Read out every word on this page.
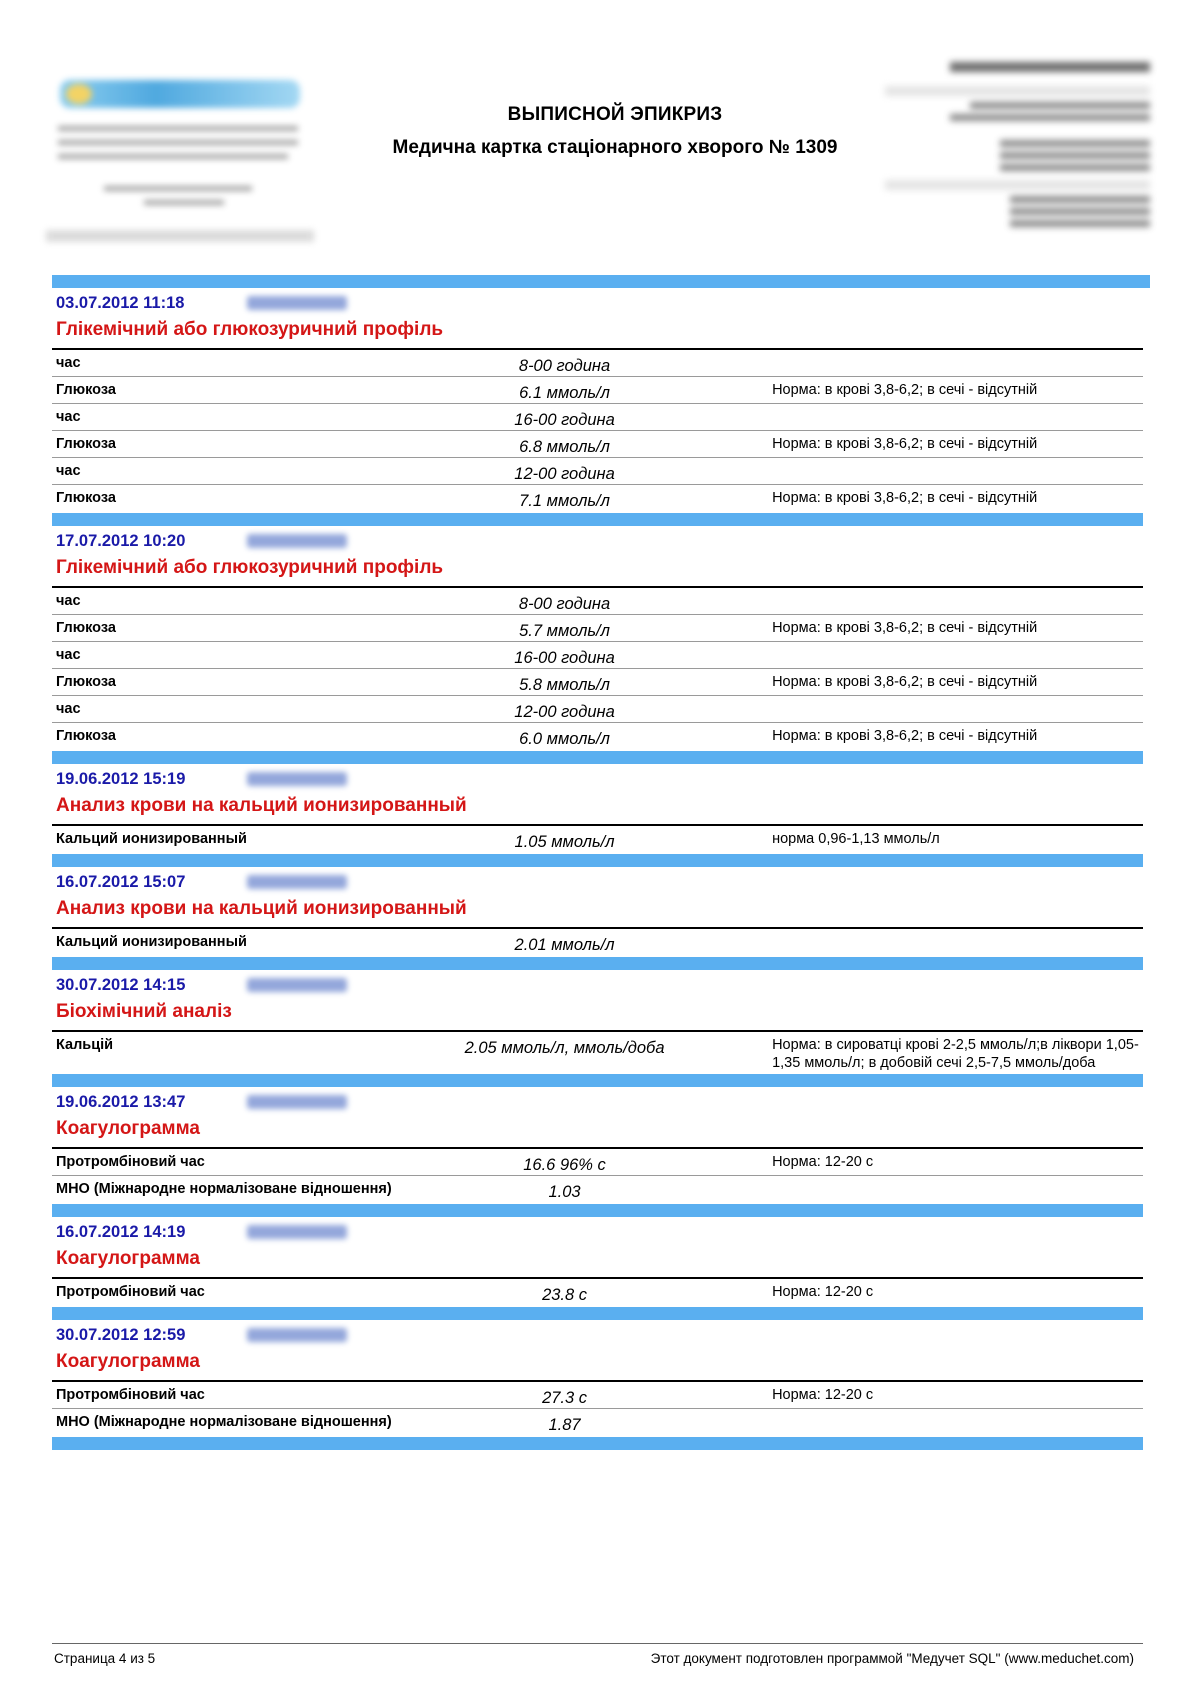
ВЫПИСНОЙ ЭПИКРИЗ
Медична картка стаціонарного хворого № 1309
03.07.2012 11:18
Глікемічний або глюкозуричний профіль
час	8-00 година
Глюкоза	6.1 ммоль/л	Норма: в крові 3,8-6,2; в сечі - відсутній
час	16-00 година
Глюкоза	6.8 ммоль/л	Норма: в крові 3,8-6,2; в сечі - відсутній
час	12-00 година
Глюкоза	7.1 ммоль/л	Норма: в крові 3,8-6,2; в сечі - відсутній
17.07.2012 10:20
Глікемічний або глюкозуричний профіль
час	8-00 година
Глюкоза	5.7 ммоль/л	Норма: в крові 3,8-6,2; в сечі - відсутній
час	16-00 година
Глюкоза	5.8 ммоль/л	Норма: в крові 3,8-6,2; в сечі - відсутній
час	12-00 година
Глюкоза	6.0 ммоль/л	Норма: в крові 3,8-6,2; в сечі - відсутній
19.06.2012 15:19
Анализ крови на кальций ионизированный
Кальций ионизированный	1.05 ммоль/л	норма 0,96-1,13 ммоль/л
16.07.2012 15:07
Анализ крови на кальций ионизированный
Кальций ионизированный	2.01 ммоль/л
30.07.2012 14:15
Біохімічний аналіз
Кальцій	2.05 ммоль/л, ммоль/доба	Норма: в сироватці крові 2-2,5 ммоль/л;в ліквори 1,05-1,35 ммоль/л; в добовій сечі 2,5-7,5 ммоль/доба
19.06.2012 13:47
Коагулограмма
Протромбіновий час	16.6 96% с	Норма: 12-20 с
МНО (Міжнародне нормалізоване відношення)	1.03
16.07.2012 14:19
Коагулограмма
Протромбіновий час	23.8 с	Норма: 12-20 с
30.07.2012 12:59
Коагулограмма
Протромбіновий час	27.3 с	Норма: 12-20 с
МНО (Міжнародне нормалізоване відношення)	1.87
Страница 4 из 5	Этот документ подготовлен программой "Медучет SQL" (www.meduchet.com)
